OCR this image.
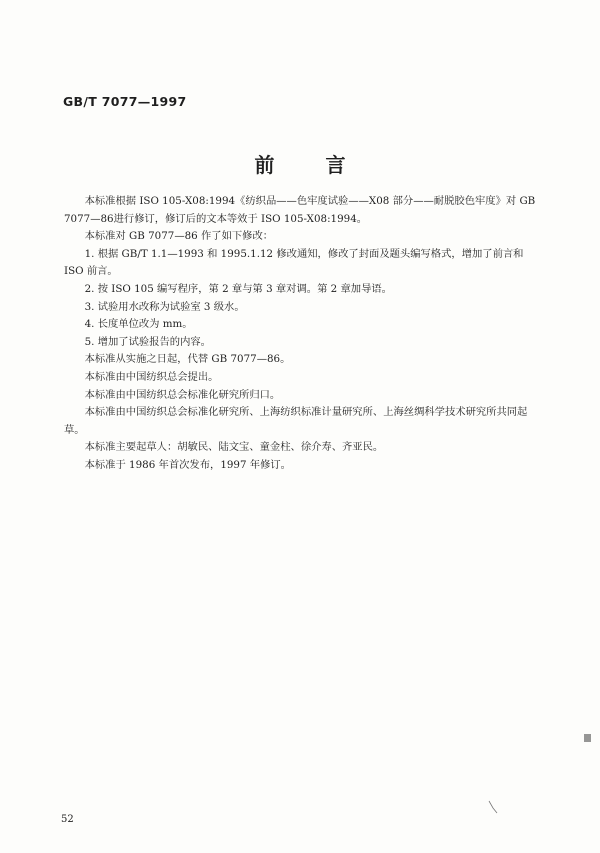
GB/T 7077—1997
前 言

本标准根据 ISO 105-X08:1994《纺织品——色牢度试验——X08 部分——耐脱胶色牢度》对 GB 7077—86进行修订，修订后的文本等效于 ISO 105-X08:1994。

本标准对 GB 7077—86 作了如下修改：

1. 根据 GB/T 1.1—1993 和 1995.1.12 修改通知，修改了封面及题头编写格式，增加了前言和 ISO 前言。

2. 按 ISO 105 编写程序，第 2 章与第 3 章对调。第 2 章加导语。

3. 试验用水改称为试验室 3 级水。

4. 长度单位改为 mm。

5. 增加了试验报告的内容。

本标准从实施之日起，代替 GB 7077—86。

本标准由中国纺织总会提出。

本标准由中国纺织总会标准化研究所归口。

本标准由中国纺织总会标准化研究所、上海纺织标准计量研究所、上海丝绸科学技术研究所共同起草。

本标准主要起草人：胡敏民、陆文宝、童金柱、徐介寿、齐亚民。

本标准于 1986 年首次发布，1997 年修订。

52
